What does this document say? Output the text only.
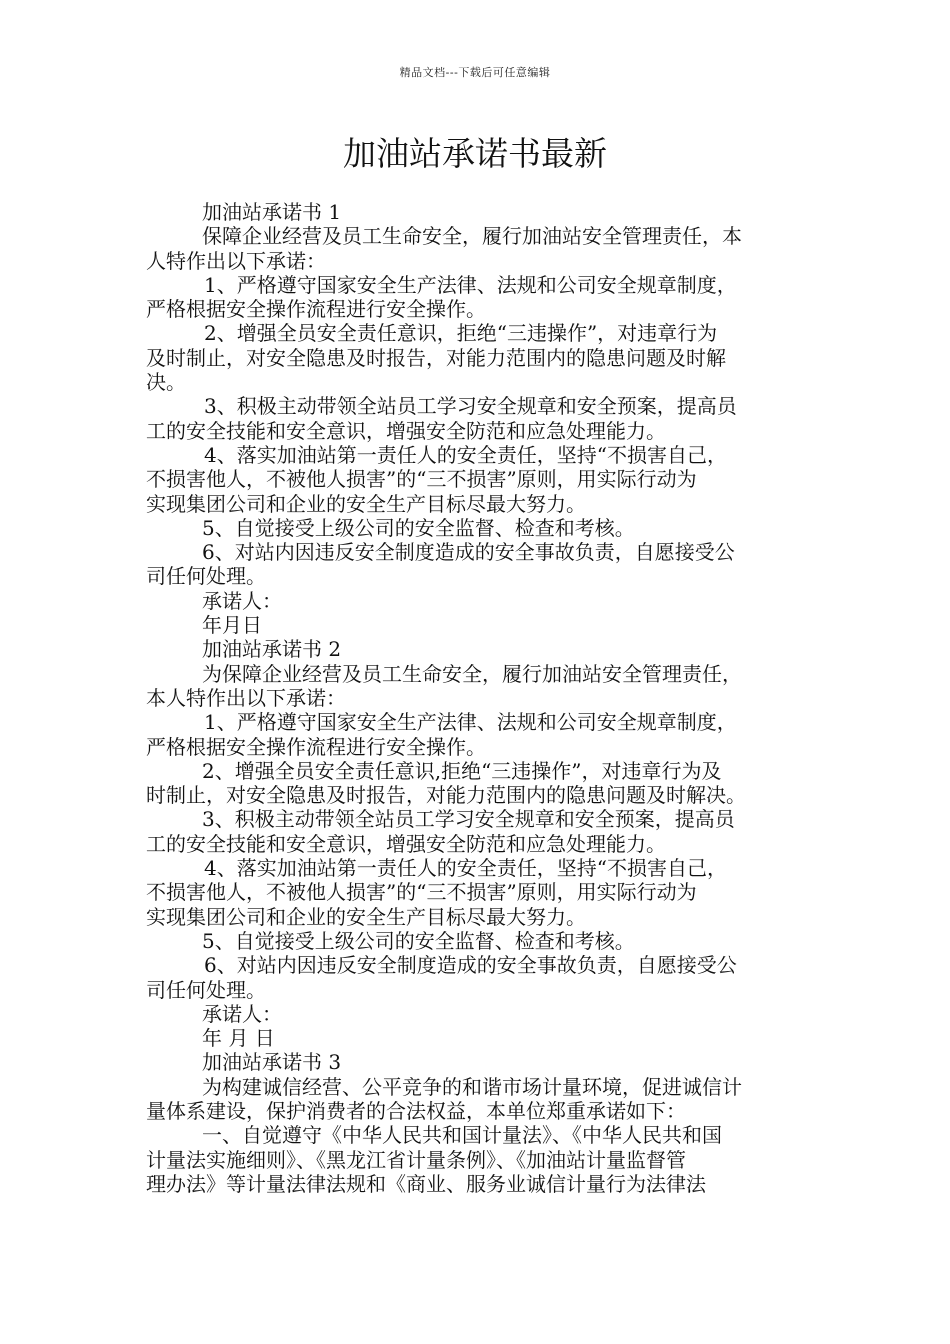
精品文档---下载后可任意编辑
加油站承诺书最新
加油站承诺书 1
保障企业经营及员工生命安全，履行加油站安全管理责任，本
人特作出以下承诺：
1、严格遵守国家安全生产法律、法规和公司安全规章制度，
严格根据安全操作流程进行安全操作。
2、增强全员安全责任意识，拒绝“三违操作”，对违章行为
及时制止，对安全隐患及时报告，对能力范围内的隐患问题及时解
决。
3、积极主动带领全站员工学习安全规章和安全预案，提高员
工的安全技能和安全意识，增强安全防范和应急处理能力。
4、落实加油站第一责任人的安全责任，坚持“不损害自己，
不损害他人，不被他人损害”的“三不损害”原则，用实际行动为
实现集团公司和企业的安全生产目标尽最大努力。
5、自觉接受上级公司的安全监督、检查和考核。
6、对站内因违反安全制度造成的安全事故负责，自愿接受公
司任何处理。
承诺人：
年月日
加油站承诺书 2
为保障企业经营及员工生命安全，履行加油站安全管理责任，
本人特作出以下承诺：
1、严格遵守国家安全生产法律、法规和公司安全规章制度，
严格根据安全操作流程进行安全操作。
2、增强全员安全责任意识,拒绝“三违操作”，对违章行为及
时制止，对安全隐患及时报告，对能力范围内的隐患问题及时解决。
3、积极主动带领全站员工学习安全规章和安全预案，提高员
工的安全技能和安全意识，增强安全防范和应急处理能力。
4、落实加油站第一责任人的安全责任，坚持“不损害自己，
不损害他人，不被他人损害”的“三不损害”原则，用实际行动为
实现集团公司和企业的安全生产目标尽最大努力。
5、自觉接受上级公司的安全监督、检查和考核。
6、对站内因违反安全制度造成的安全事故负责，自愿接受公
司任何处理。
承诺人：
年 月 日
加油站承诺书 3
为构建诚信经营、公平竞争的和谐市场计量环境，促进诚信计
量体系建设，保护消费者的合法权益，本单位郑重承诺如下：
一、自觉遵守《中华人民共和国计量法》、《中华人民共和国
计量法实施细则》、《黑龙江省计量条例》、《加油站计量监督管
理办法》等计量法律法规和《商业、服务业诚信计量行为法律法
